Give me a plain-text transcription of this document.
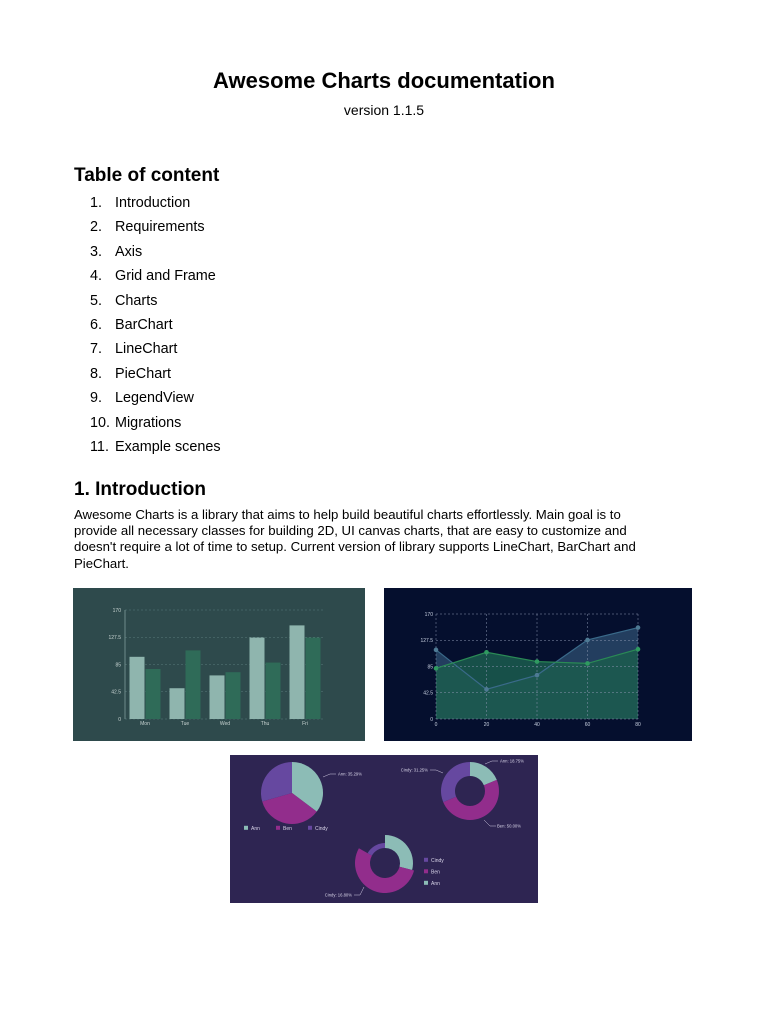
Awesome Charts documentation
version 1.1.5
Table of content
1. Introduction
2. Requirements
3. Axis
4. Grid and Frame
5. Charts
6. BarChart
7. LineChart
8. PieChart
9. LegendView
10. Migrations
11. Example scenes
1. Introduction

Awesome Charts is a library that aims to help build beautiful charts effortlessly. Main goal is to
provide all necessary classes for building 2D, UI canvas charts, that are easy to customize and
doesn't require a lot of time to setup. Current version of library supports LineChart, BarChart and
PieChart.

0
42.5
85
127.5
170
Mon	Tue	Wed	Thu	Fri
0
42.5
85
127.5
170
0	20	40	60	80
Ann: 35.29%
Ann	Ben	Cindy
Ann: 18.75%
Ben: 50.00%
Cindy: 31.25%
Cindy: 16.80%
Cindy
Ben
Ann
